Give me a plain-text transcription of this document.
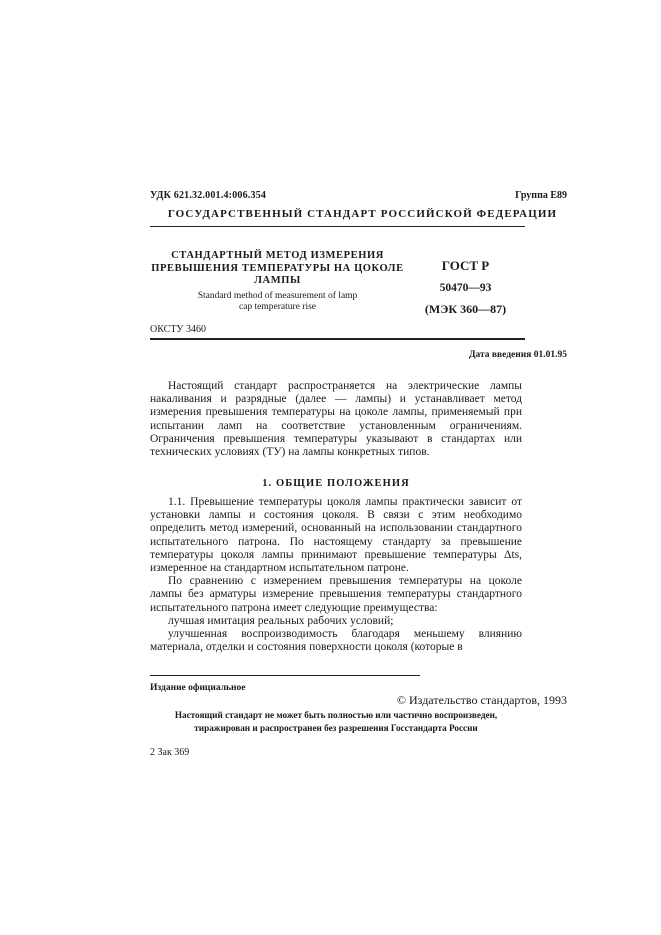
УДК 621.32.001.4:006.354	Группа Е89
ГОСУДАРСТВЕННЫЙ СТАНДАРТ РОССИЙСКОЙ ФЕДЕРАЦИИ
СТАНДАРТНЫЙ МЕТОД ИЗМЕРЕНИЯ
ПРЕВЫШЕНИЯ ТЕМПЕРАТУРЫ НА ЦОКОЛЕ
ЛАМПЫ
Standard method of measurement of lamp
cap temperature rise
ГОСТ Р
50470—93
(МЭК 360—87)
ОКСТУ 3460
Дата введения 01.01.95

Настоящий стандарт распространяется на электрические лампы накаливания и разрядные (далее — лампы) и устанавливает метод измерения превышения температуры на цоколе лампы, применяемый при испытании ламп на соответствие установленным ограничениям. Ограничения превышения температуры указывают в стандартах или технических условиях (ТУ) на лампы конкретных типов.

1. ОБЩИЕ ПОЛОЖЕНИЯ

1.1. Превышение температуры цоколя лампы практически зависит от установки лампы и состояния цоколя. В связи с этим необходимо определить метод измерений, основанный на использовании стандартного испытательного патрона. По настоящему стандарту за превышение температуры цоколя лампы принимают превышение температуры Δts, измеренное на стандартном испытательном патроне.

По сравнению с измерением превышения температуры на цоколе лампы без арматуры измерение превышения температуры стандартного испытательного патрона имеет следующие преимущества:

лучшая имитация реальных рабочих условий;

улучшенная воспроизводимость благодаря меньшему влиянию материала, отделки и состояния поверхности цоколя (которые в

Издание официальное
© Издательство стандартов, 1993
Настоящий стандарт не может быть полностью или частично воспроизведен,
тиражирован и распространен без разрешения Госстандарта России
2 Зак 369
